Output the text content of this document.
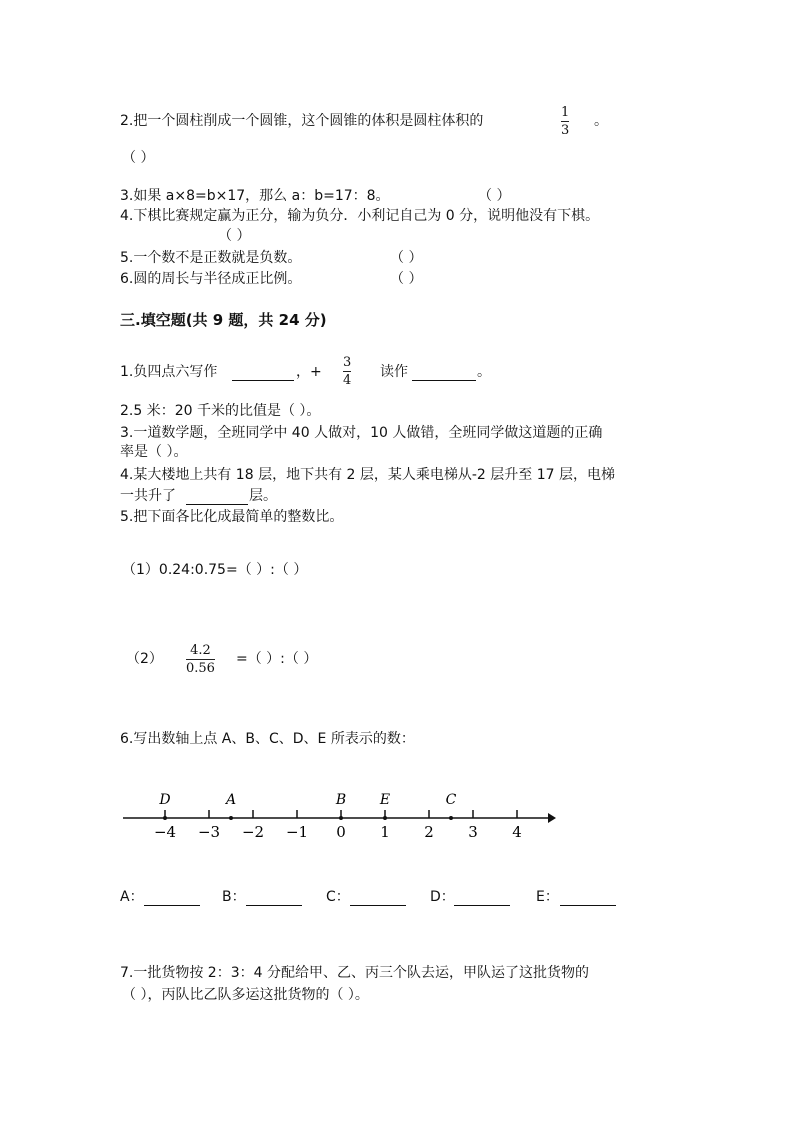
2.把一个圆柱削成一个圆锥，这个圆锥的体积是圆柱体积的
1
3
。
（ ）
3.如果 a×8=b×17，那么 a：b=17：8。	（ ）
4.下棋比赛规定赢为正分，输为负分．小利记自己为 0 分，说明他没有下棋。
（ ）
5.一个数不是正数就是负数。	（ ）
6.圆的周长与半径成正比例。	（ ）
三.填空题(共 9 题，共 24 分)
1.负四点六写作	，+
3
4
读作	。
2.5 米：20 千米的比值是（ ）。
3.一道数学题，全班同学中 40 人做对，10 人做错，全班同学做这道题的正确
率是（ ）。
4.某大楼地上共有 18 层，地下共有 2 层，某人乘电梯从-2 层升至 17 层，电梯
一共升了	层。
5.把下面各比化成最简单的整数比。
（1）0.24:0.75=（ ）:（ ）
（2）
4.2
0.56
=（ ）:（ ）
6.写出数轴上点 A、B、C、D、E 所表示的数：
−4 −3 −2 −1 0 1 2 3 4
D	A	B E	C
A：	B：	C：	D：	E：
7.一批货物按 2：3：4 分配给甲、乙、丙三个队去运，甲队运了这批货物的
（ ），丙队比乙队多运这批货物的（ ）。
